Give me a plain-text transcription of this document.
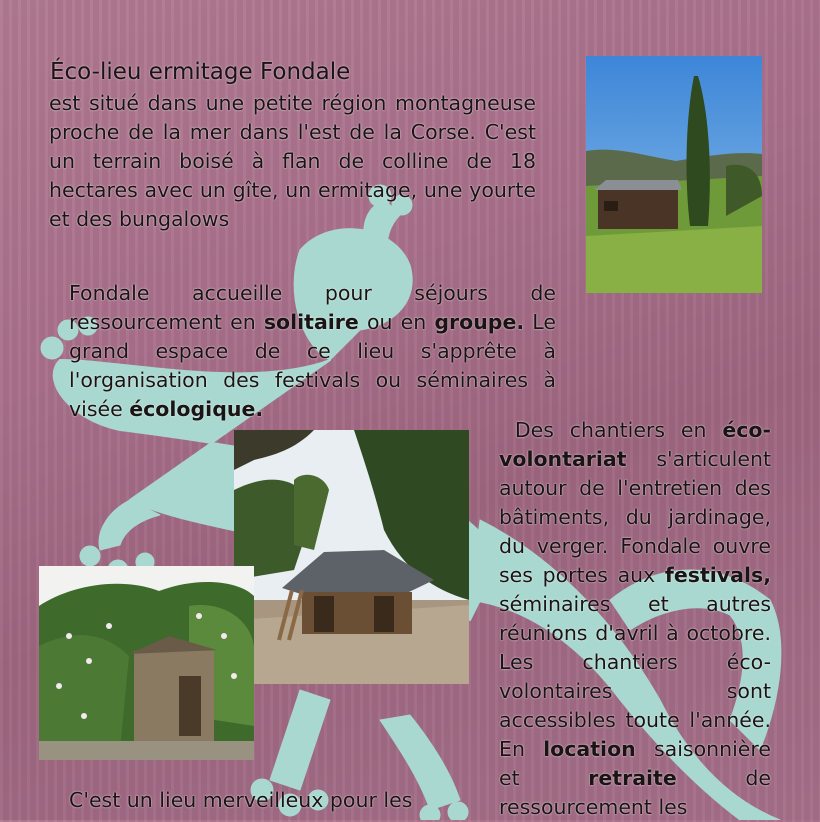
Éco-lieu ermitage Fondale
est situé dans une petite région montagneuse proche de la mer dans l'est de la Corse. C'est un terrain boisé à flan de colline de 18 hectares avec un gîte, un ermitage, une yourte et des bungalows
Fondale accueille pour séjours de ressourcement en solitaire ou en groupe. Le grand espace de ce lieu s'apprête à l'organisation des festivals ou séminaires à visée écologique.
Des chantiers en éco-volontariat s'articulent autour de l'entretien des bâtiments, du jardinage, du verger. Fondale ouvre ses portes aux festivals, séminaires et autres réunions d'avril à octobre. Les chantiers éco-volontaires sont accessibles toute l'année. En location saisonnière et retraite de ressourcement les
C'est un lieu merveilleux pour les
